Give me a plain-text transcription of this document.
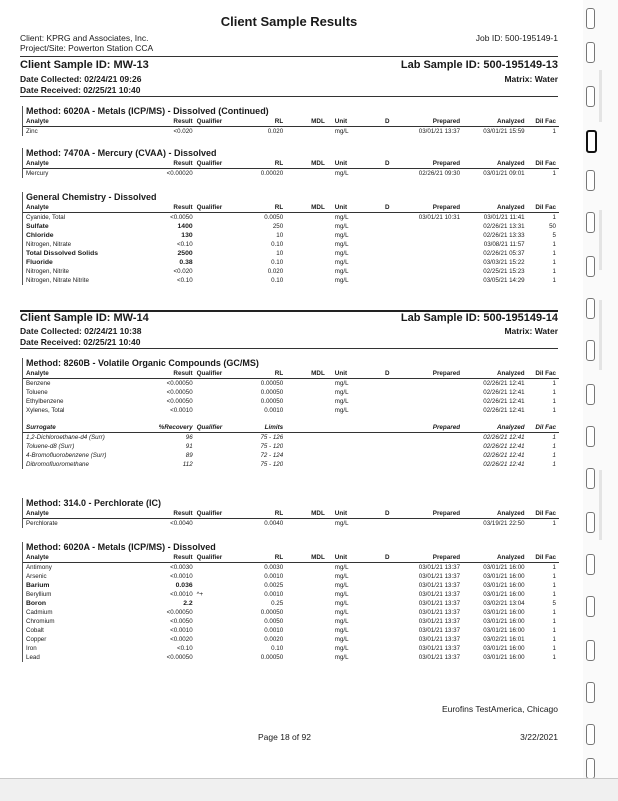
Client Sample Results
Client: KPRG and Associates, Inc.
Project/Site: Powerton Station CCA
Job ID: 500-195149-1
Client Sample ID: MW-13	Lab Sample ID: 500-195149-13
Date Collected: 02/24/21 09:26	Matrix: Water
Date Received: 02/25/21 10:40
Method: 6020A - Metals (ICP/MS) - Dissolved (Continued)
Analyte	Result	Qualifier	RL	MDL	Unit	D	Prepared	Analyzed	Dil Fac
Zinc	<0.020		0.020		mg/L		03/01/21 13:37	03/01/21 15:59	1
Method: 7470A - Mercury (CVAA) - Dissolved
Analyte	Result	Qualifier	RL	MDL	Unit	D	Prepared	Analyzed	Dil Fac
Mercury	<0.00020		0.00020		mg/L		02/26/21 09:30	03/01/21 09:01	1
General Chemistry - Dissolved
Analyte	Result	Qualifier	RL	MDL	Unit	D	Prepared	Analyzed	Dil Fac
Cyanide, Total	<0.0050		0.0050		mg/L		03/01/21 10:31	03/01/21 11:41	1
Sulfate	1400		250		mg/L			02/26/21 13:31	50
Chloride	130		10		mg/L			02/26/21 13:33	5
Nitrogen, Nitrate	<0.10		0.10		mg/L			03/08/21 11:57	1
Total Dissolved Solids	2500		10		mg/L			02/26/21 05:37	1
Fluoride	0.38		0.10		mg/L			03/03/21 15:22	1
Nitrogen, Nitrite	<0.020		0.020		mg/L			02/25/21 15:23	1
Nitrogen, Nitrate Nitrite	<0.10		0.10		mg/L			03/05/21 14:29	1
Client Sample ID: MW-14	Lab Sample ID: 500-195149-14
Date Collected: 02/24/21 10:38	Matrix: Water
Date Received: 02/25/21 10:40
Method: 8260B - Volatile Organic Compounds (GC/MS)
Analyte	Result	Qualifier	RL	MDL	Unit	D	Prepared	Analyzed	Dil Fac
Benzene	<0.00050		0.00050		mg/L			02/26/21 12:41	1
Toluene	<0.00050		0.00050		mg/L			02/26/21 12:41	1
Ethylbenzene	<0.00050		0.00050		mg/L			02/26/21 12:41	1
Xylenes, Total	<0.0010		0.0010		mg/L			02/26/21 12:41	1
Surrogate	%Recovery	Qualifier	Limits				Prepared	Analyzed	Dil Fac
1,2-Dichloroethane-d4 (Surr)	96		75 - 126					02/26/21 12:41	1
Toluene-d8 (Surr)	91		75 - 120					02/26/21 12:41	1
4-Bromofluorobenzene (Surr)	89		72 - 124					02/26/21 12:41	1
Dibromofluoromethane	112		75 - 120					02/26/21 12:41	1
Method: 314.0 - Perchlorate (IC)
Analyte	Result	Qualifier	RL	MDL	Unit	D	Prepared	Analyzed	Dil Fac
Perchlorate	<0.0040		0.0040		mg/L			03/19/21 22:50	1
Method: 6020A - Metals (ICP/MS) - Dissolved
Analyte	Result	Qualifier	RL	MDL	Unit	D	Prepared	Analyzed	Dil Fac
Antimony	<0.0030		0.0030		mg/L		03/01/21 13:37	03/01/21 16:00	1
Arsenic	<0.0010		0.0010		mg/L		03/01/21 13:37	03/01/21 16:00	1
Barium	0.036		0.0025		mg/L		03/01/21 13:37	03/01/21 16:00	1
Beryllium	<0.0010	^+	0.0010		mg/L		03/01/21 13:37	03/01/21 16:00	1
Boron	2.2		0.25		mg/L		03/01/21 13:37	03/02/21 13:04	5
Cadmium	<0.00050		0.00050		mg/L		03/01/21 13:37	03/01/21 16:00	1
Chromium	<0.0050		0.0050		mg/L		03/01/21 13:37	03/01/21 16:00	1
Cobalt	<0.0010		0.0010		mg/L		03/01/21 13:37	03/01/21 16:00	1
Copper	<0.0020		0.0020		mg/L		03/01/21 13:37	03/02/21 16:01	1
Iron	<0.10		0.10		mg/L		03/01/21 13:37	03/01/21 16:00	1
Lead	<0.00050		0.00050		mg/L		03/01/21 13:37	03/01/21 16:00	1
Eurofins TestAmerica, Chicago
Page 18 of 92	3/22/2021
